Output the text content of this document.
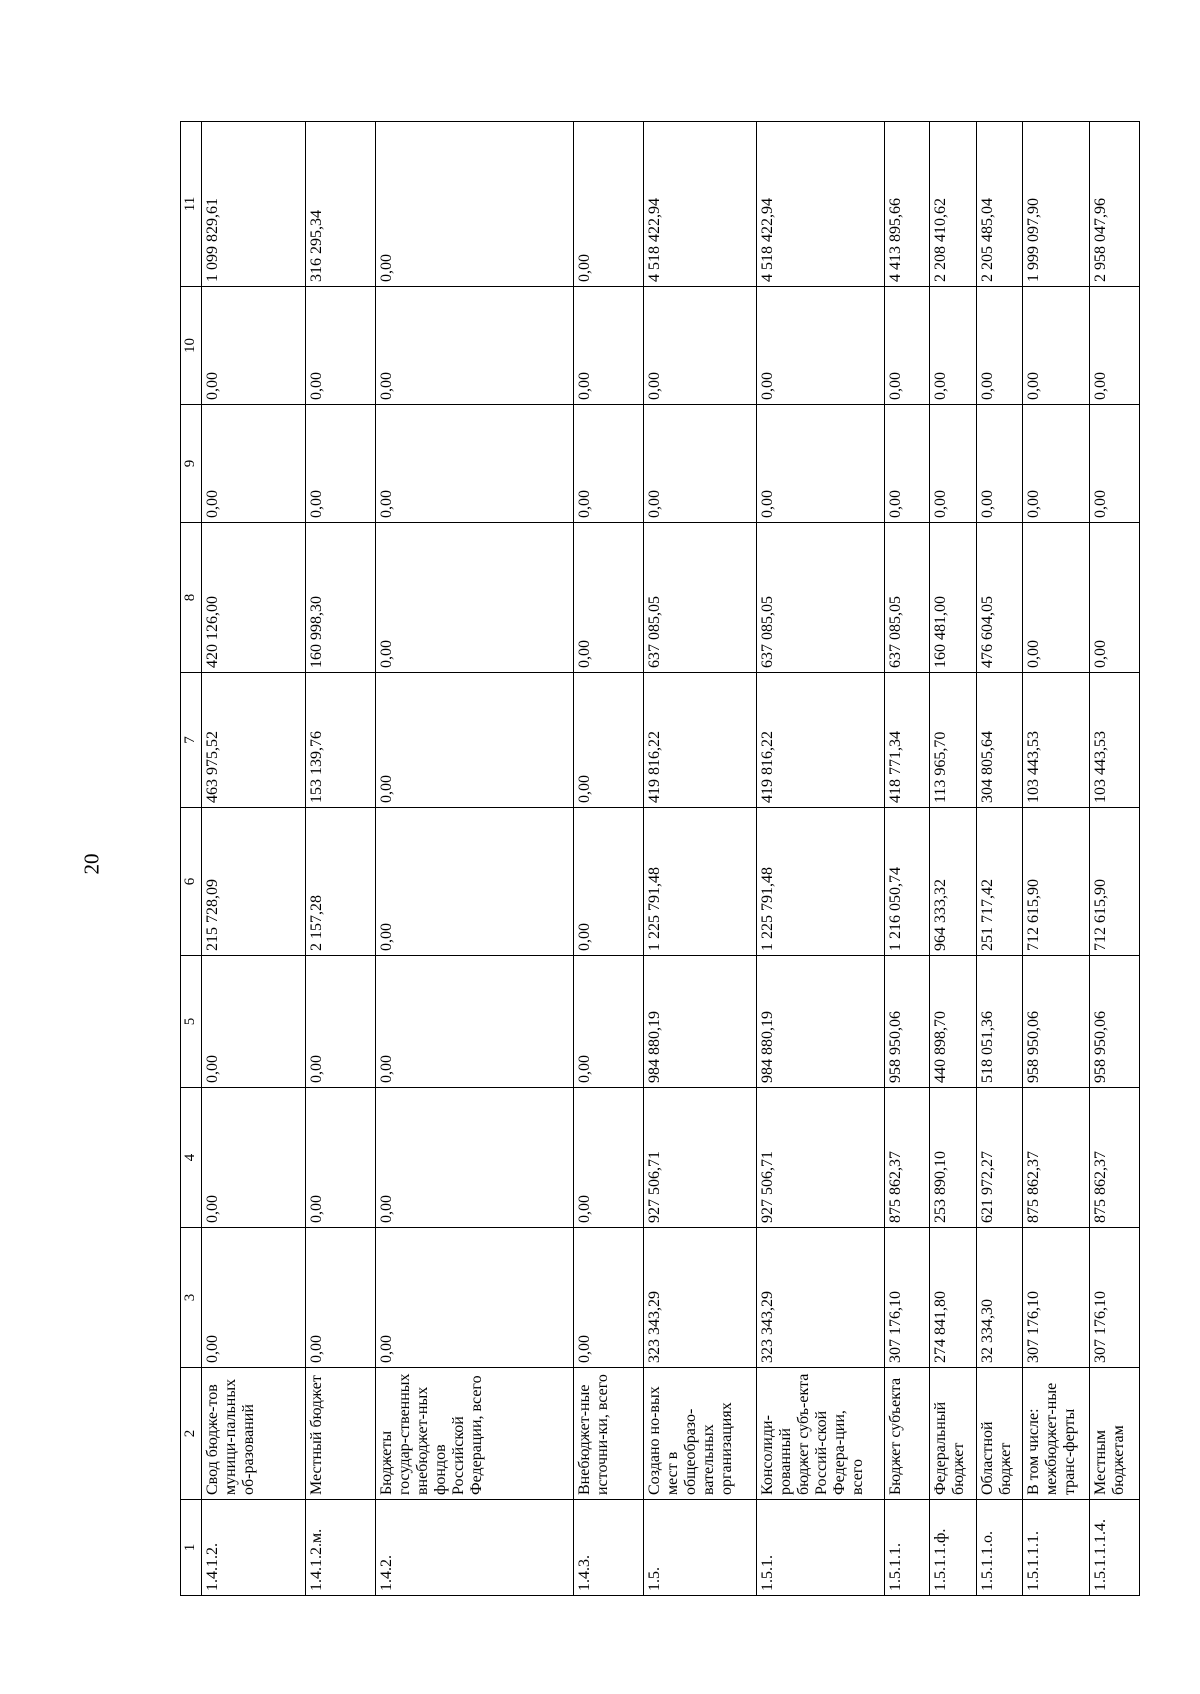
20
1	2	3	4	5	6	7	8	9	10	11
1.4.1.2.	Свод бюдже-тов муници-пальных об-разований	0,00	0,00	0,00	215 728,09	463 975,52	420 126,00	0,00	0,00	1 099 829,61
1.4.1.2.м.	Местный бюджет	0,00	0,00	0,00	2 157,28	153 139,76	160 998,30	0,00	0,00	316 295,34
1.4.2.	Бюджеты государ-ственных внебюджет-ных фондов Российской Федерации, всего	0,00	0,00	0,00	0,00	0,00	0,00	0,00	0,00	0,00
1.4.3.	Внебюджет-ные источни-ки, всего	0,00	0,00	0,00	0,00	0,00	0,00	0,00	0,00	0,00
1.5.	Создано но-вых мест в общеобразо-вательных организациях	323 343,29	927 506,71	984 880,19	1 225 791,48	419 816,22	637 085,05	0,00	0,00	4 518 422,94
1.5.1.	Консолиди-рованный бюджет субъ-екта Россий-ской Федера-ции, всего	323 343,29	927 506,71	984 880,19	1 225 791,48	419 816,22	637 085,05	0,00	0,00	4 518 422,94
1.5.1.1.	Бюджет субъекта	307 176,10	875 862,37	958 950,06	1 216 050,74	418 771,34	637 085,05	0,00	0,00	4 413 895,66
1.5.1.1.ф.	Федеральный бюджет	274 841,80	253 890,10	440 898,70	964 333,32	113 965,70	160 481,00	0,00	0,00	2 208 410,62
1.5.1.1.о.	Областной бюджет	32 334,30	621 972,27	518 051,36	251 717,42	304 805,64	476 604,05	0,00	0,00	2 205 485,04
1.5.1.1.1.	В том числе: межбюджет-ные транс-ферты	307 176,10	875 862,37	958 950,06	712 615,90	103 443,53	0,00	0,00	0,00	1 999 097,90
1.5.1.1.1.4.	Местным бюджетам	307 176,10	875 862,37	958 950,06	712 615,90	103 443,53	0,00	0,00	0,00	2 958 047,96
